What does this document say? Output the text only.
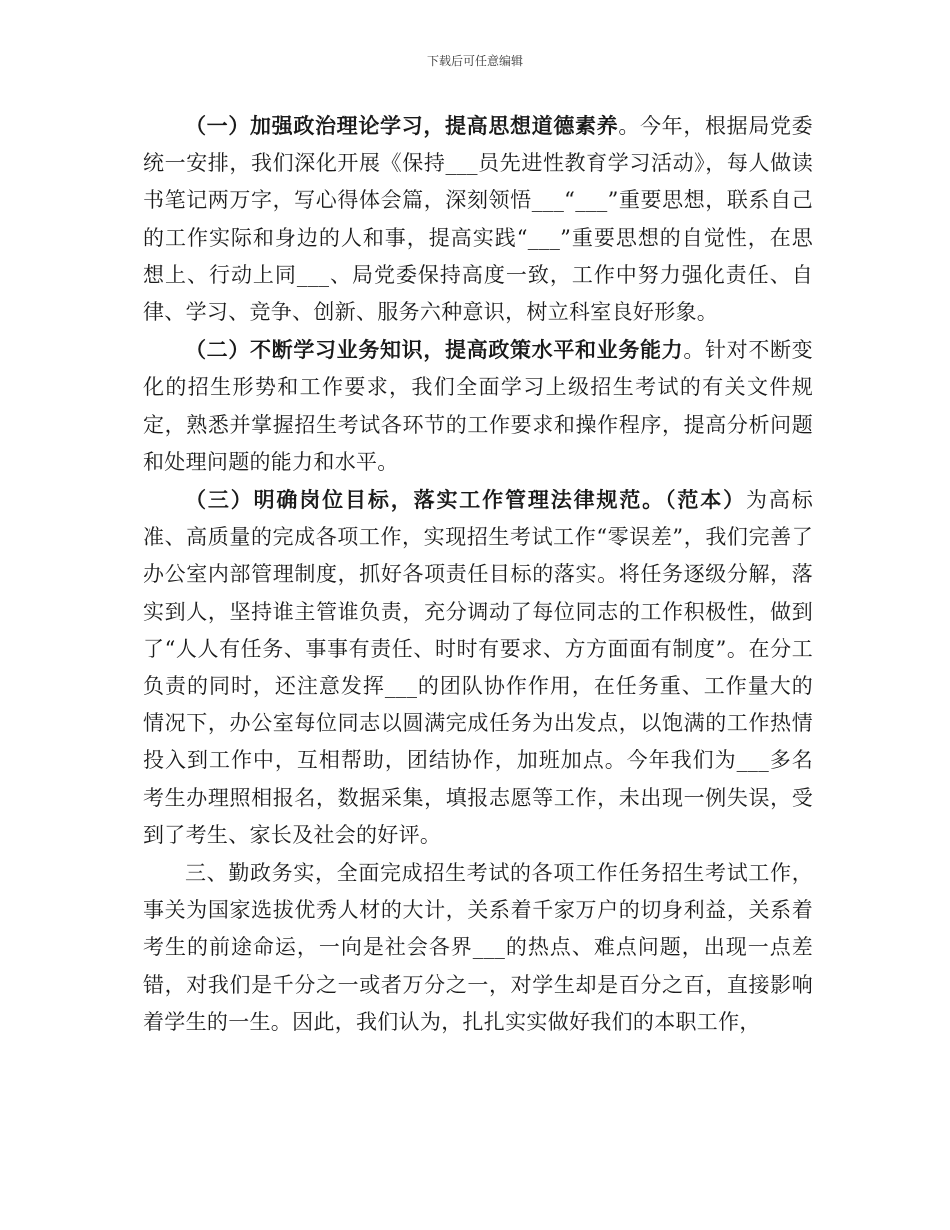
下载后可任意编辑

（一）加强政治理论学习，提高思想道德素养。今年，根据局党委统一安排，我们深化开展《保持___员先进性教育学习活动》，每人做读书笔记两万字，写心得体会篇，深刻领悟___“___”重要思想，联系自己的工作实际和身边的人和事，提高实践“___”重要思想的自觉性，在思想上、行动上同___、局党委保持高度一致，工作中努力强化责任、自律、学习、竞争、创新、服务六种意识，树立科室良好形象。

（二）不断学习业务知识，提高政策水平和业务能力。针对不断变化的招生形势和工作要求，我们全面学习上级招生考试的有关文件规定，熟悉并掌握招生考试各环节的工作要求和操作程序，提高分析问题和处理问题的能力和水平。

（三）明确岗位目标，落实工作管理法律规范。（范本）为高标准、高质量的完成各项工作，实现招生考试工作“零误差”，我们完善了办公室内部管理制度，抓好各项责任目标的落实。将任务逐级分解，落实到人，坚持谁主管谁负责，充分调动了每位同志的工作积极性，做到了“人人有任务、事事有责任、时时有要求、方方面面有制度”。在分工负责的同时，还注意发挥___的团队协作作用，在任务重、工作量大的情况下，办公室每位同志以圆满完成任务为出发点，以饱满的工作热情投入到工作中，互相帮助，团结协作，加班加点。今年我们为___多名考生办理照相报名，数据采集，填报志愿等工作，未出现一例失误，受到了考生、家长及社会的好评。

三、勤政务实，全面完成招生考试的各项工作任务招生考试工作，事关为国家选拔优秀人材的大计，关系着千家万户的切身利益，关系着考生的前途命运，一向是社会各界___的热点、难点问题，出现一点差错，对我们是千分之一或者万分之一，对学生却是百分之百，直接影响着学生的一生。因此，我们认为，扎扎实实做好我们的本职工作，
